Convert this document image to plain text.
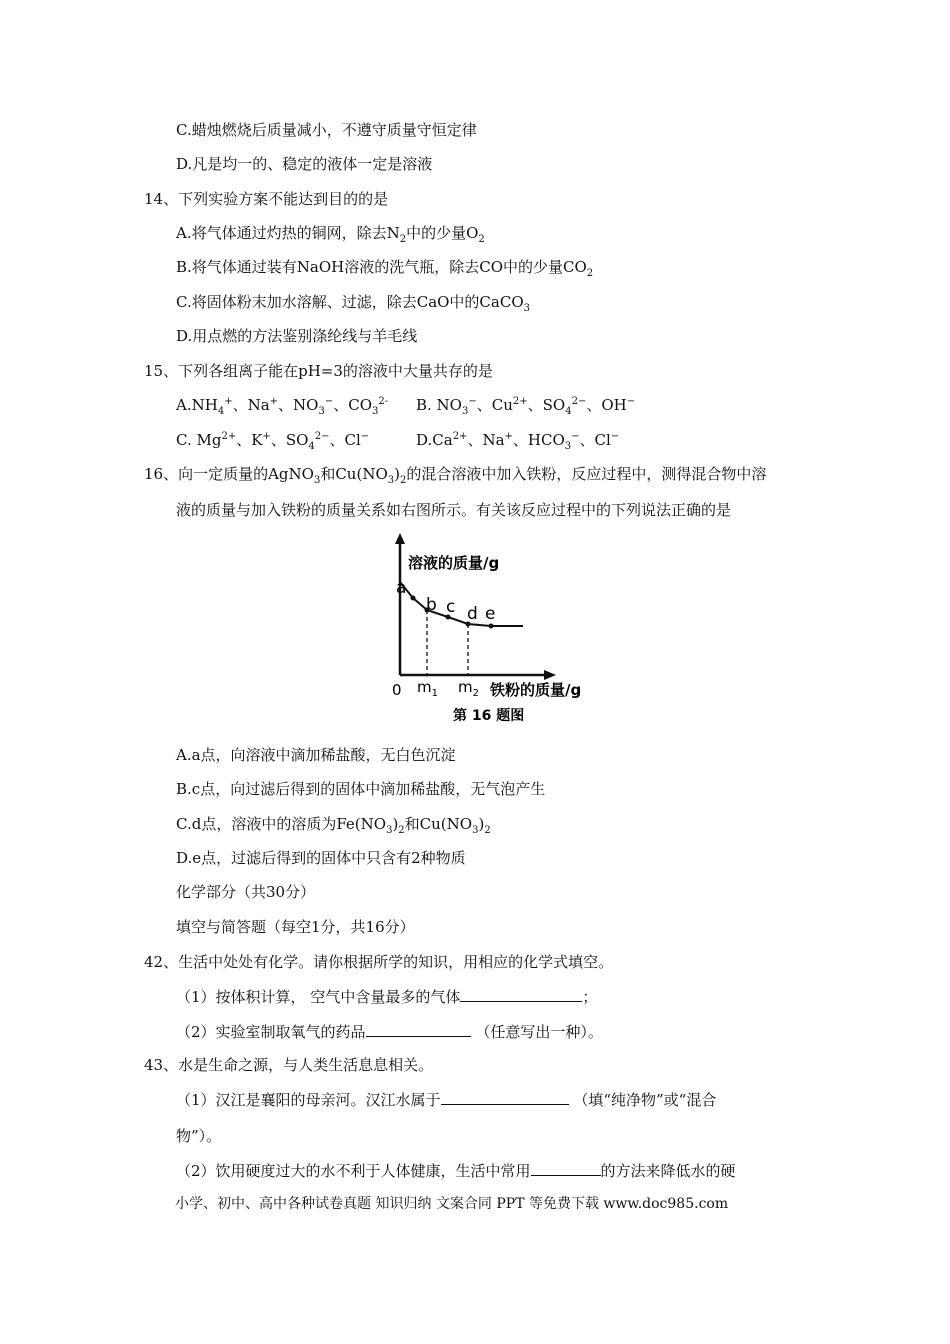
C.蜡烛燃烧后质量减小，不遵守质量守恒定律
D.凡是均一的、稳定的液体一定是溶液
14、下列实验方案不能达到目的的是
A.将气体通过灼热的铜网，除去$N_2$中的少量$O_2$
B.将气体通过装有NaOH溶液的洗气瓶，除去CO中的少量$CO_2$
C.将固体粉末加水溶解、过滤，除去CaO中的CaCO$_3$
D.用点燃的方法鉴别涤纶线与羊毛线
15、下列各组离子能在pH=3的溶液中大量共存的是
$A.NH_4^+$、Na+、$NO_3^-$、$CO_3^{2-}$ B. $NO_3^-$、$Cu^{2+}$、$SO_4^{2-}$、OH−
C. $Mg^{2+}$、K+、$SO_4^{2-}$、Cl−	$D.Ca^{2+}$、Na+、$HCO_3^-$、Cl−
16、向一定质量的AgNO$_3$和$Cu(NO_3)_2$的混合溶液中加入铁粉，反应过程中，测得混合物中溶
液的质量与加入铁粉的质量关系如右图所示。有关该反应过程中的下列说法正确的是
溶液的质量/g
a
b c d e
0 $m_1$ $m_2$ 铁粉的质量/g
第 16 题图
A.a点，向溶液中滴加稀盐酸，无白色沉淀
B.c点，向过滤后得到的固体中滴加稀盐酸，无气泡产生
C.d点，溶液中的溶质为$Fe(NO_3)_2$和$Cu(NO_3)_2$
D.e点，过滤后得到的固体中只含有2种物质
化学部分（共30分）
填空与简答题（每空1分，共16分）
42、生活中处处有化学。请你根据所学的知识，用相应的化学式填空。
（1）按体积计算， 空气中含量最多的气体	；
（2）实验室制取氧气的药品	（任意写出一种）。
43、水是生命之源，与人类生活息息相关。
（1）汉江是襄阳的母亲河。汉江水属于	（填“纯净物”或“混合
物”）。
（2）饮用硬度过大的水不利于人体健康，生活中常用	的方法来降低水的硬
小学、初中、高中各种试卷真题 知识归纳 文案合同 PPT 等免费下载 www.doc985.com
